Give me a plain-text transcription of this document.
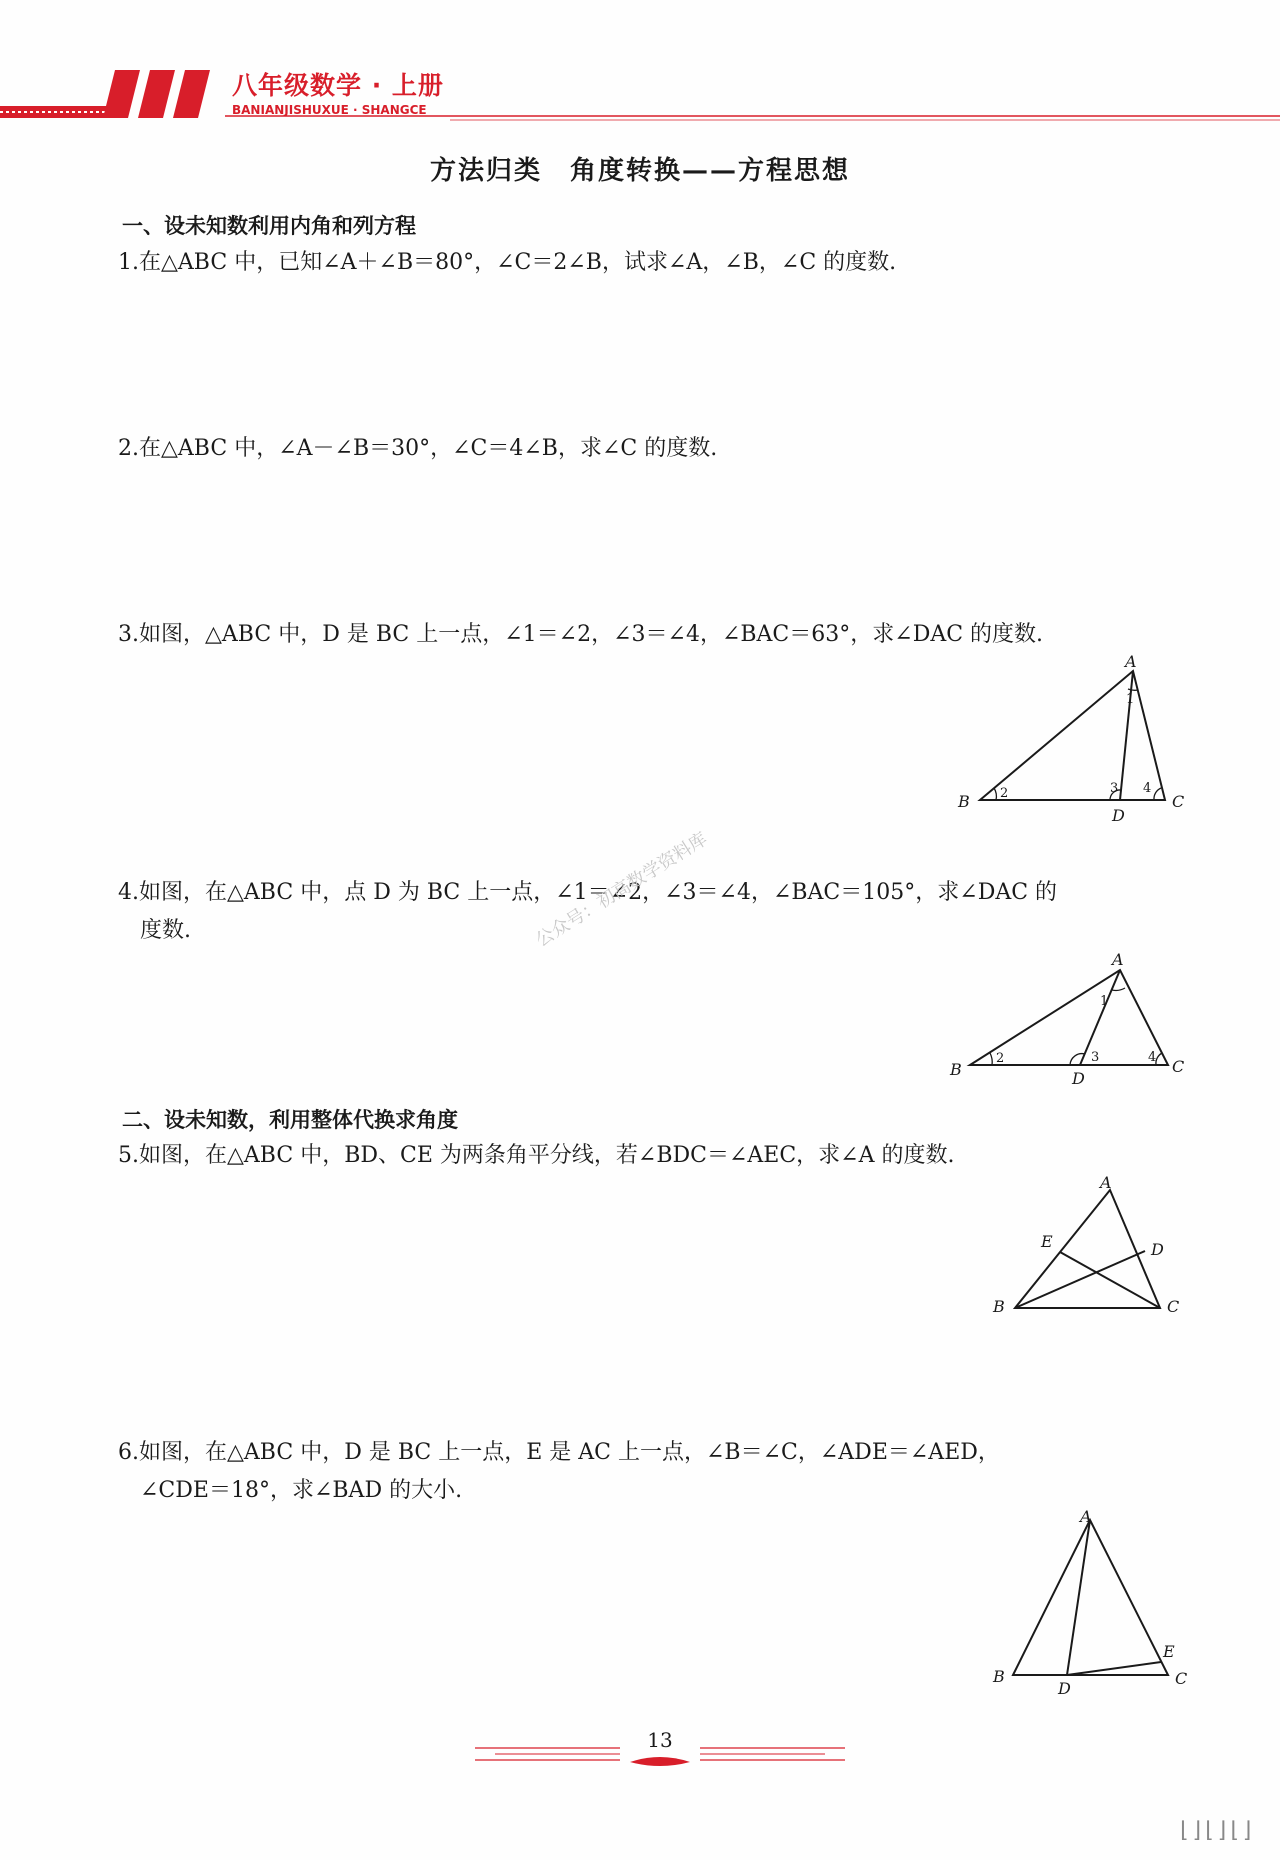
八年级数学 · 上册
BANIANJISHUXUE · SHANGCE
方法归类　角度转换——方程思想
一、设未知数利用内角和列方程
1.在△ABC 中，已知∠A＋∠B＝80°，∠C＝2∠B，试求∠A，∠B，∠C 的度数.
2.在△ABC 中，∠A－∠B＝30°，∠C＝4∠B，求∠C 的度数.
3.如图，△ABC 中，D 是 BC 上一点，∠1＝∠2，∠3＝∠4，∠BAC＝63°，求∠DAC 的度数.
A
B	C
D
1
2	3 4
4.如图，在△ABC 中，点 D 为 BC 上一点，∠1＝∠2，∠3＝∠4，∠BAC＝105°，求∠DAC 的
度数.	公众号：初高数学资料库
A
B	C
D
1
2	3	4
二、设未知数，利用整体代换求角度
5.如图，在△ABC 中，BD、CE 为两条角平分线，若∠BDC＝∠AEC，求∠A 的度数.
A
B	C
D
E
6.如图，在△ABC 中，D 是 BC 上一点，E 是 AC 上一点，∠B＝∠C，∠ADE＝∠AED，
∠CDE＝18°，求∠BAD 的大小.
A
B	C
D
E
13
⌊⌋⌊⌋⌊⌋
